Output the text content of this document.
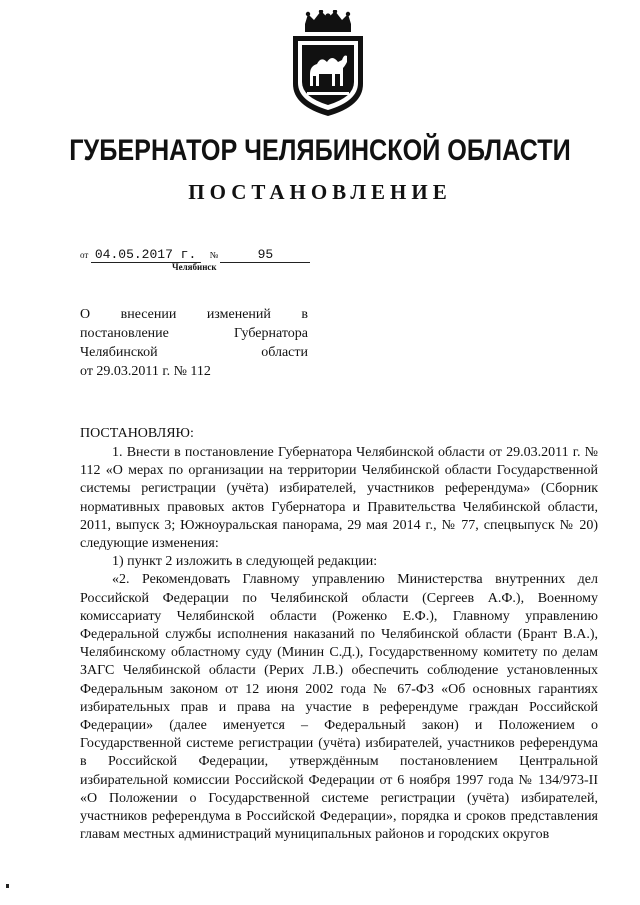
ГУБЕРНАТОР ЧЕЛЯБИНСКОЙ ОБЛАСТИ
ПОСТАНОВЛЕНИЕ
от 04.05.2017 г. №	95
Челябинск
О внесении изменений в
постановление Губернатора
Челябинской области
от 29.03.2011 г. № 112
ПОСТАНОВЛЯЮ:

1. Внести в постановление Губернатора Челябинской области от 29.03.2011 г. № 112 «О мерах по организации на территории Челябинской области Государственной системы регистрации (учёта) избирателей, участников референдума» (Сборник нормативных правовых актов Губернатора и Правительства Челябинской области, 2011, выпуск 3; Южноуральская панорама, 29 мая 2014 г., № 77, спецвыпуск № 20) следующие изменения:

1) пункт 2 изложить в следующей редакции:

«2. Рекомендовать Главному управлению Министерства внутренних дел Российской Федерации по Челябинской области (Сергеев А.Ф.), Военному комиссариату Челябинской области (Роженко Е.Ф.), Главному управлению Федеральной службы исполнения наказаний по Челябинской области (Брант В.А.), Челябинскому областному суду (Минин С.Д.), Государственному комитету по делам ЗАГС Челябинской области (Рерих Л.В.) обеспечить соблюдение установленных Федеральным законом от 12 июня 2002 года № 67-ФЗ «Об основных гарантиях избирательных прав и права на участие в референдуме граждан Российской Федерации» (далее именуется – Федеральный закон) и Положением о Государственной системе регистрации (учёта) избирателей, участников референдума в Российской Федерации, утверждённым постановлением Центральной избирательной комиссии Российской Федерации от 6 ноября 1997 года № 134/973-II «О Положении о Государственной системе регистрации (учёта) избирателей, участников референдума в Российской Федерации», порядка и сроков представления главам местных администраций муниципальных районов и городских округов
